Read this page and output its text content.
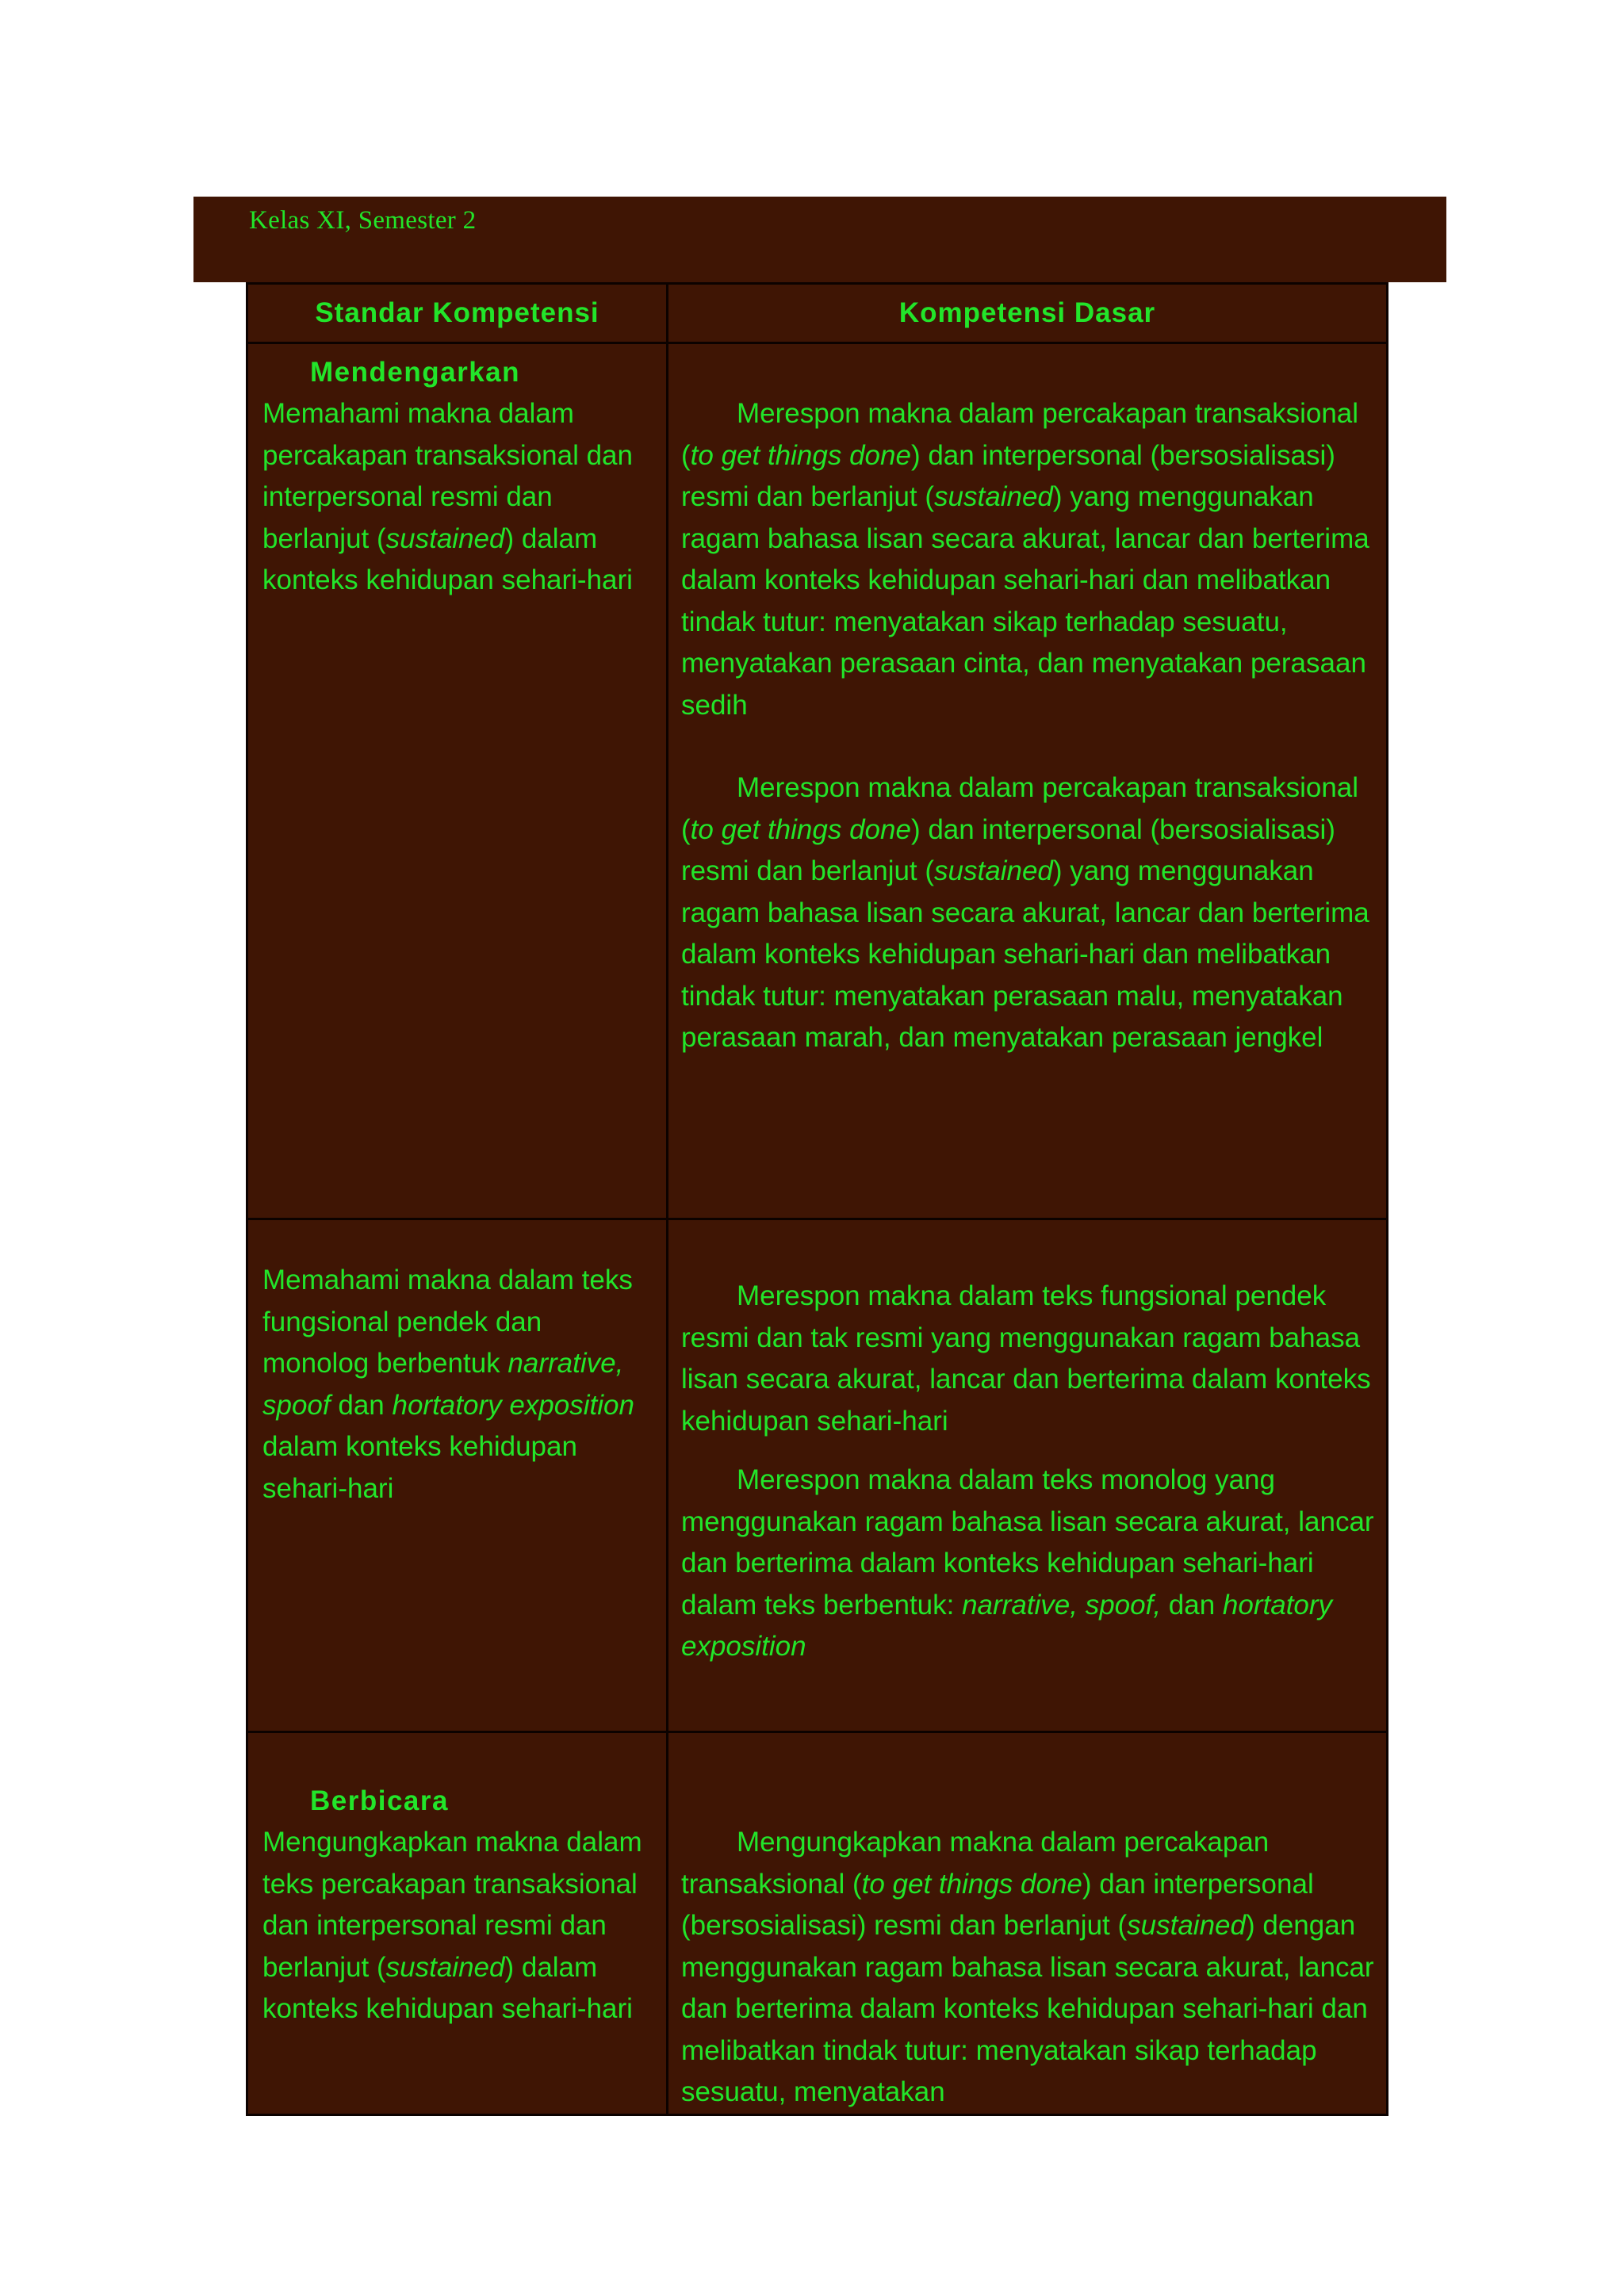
Kelas XI, Semester 2
Standar Kompetensi	Kompetensi Dasar

Mendengarkan
Memahami makna dalam percakapan transaksional dan interpersonal resmi dan berlanjut (sustained) dalam konteks kehidupan sehari-hari	Merespon makna dalam percakapan transaksional (to get things done) dan interpersonal (bersosialisasi) resmi dan berlanjut (sustained) yang menggunakan ragam bahasa lisan secara akurat, lancar dan berterima dalam konteks kehidupan sehari-hari dan melibatkan tindak tutur: menyatakan sikap terhadap sesuatu, menyatakan perasaan cinta, dan menyatakan perasaan sedih
Merespon makna dalam percakapan transaksional (to get things done) dan interpersonal (bersosialisasi) resmi dan berlanjut (sustained) yang menggunakan ragam bahasa lisan secara akurat, lancar dan berterima dalam konteks kehidupan sehari-hari dan melibatkan tindak tutur: menyatakan perasaan malu, menyatakan perasaan marah, dan menyatakan perasaan jengkel

Memahami makna dalam teks fungsional pendek dan monolog berbentuk narrative, spoof dan hortatory exposition dalam konteks kehidupan sehari-hari	Merespon makna dalam teks fungsional pendek resmi dan tak resmi yang menggunakan ragam bahasa lisan secara akurat, lancar dan berterima dalam konteks kehidupan sehari-hari
Merespon makna dalam teks monolog yang menggunakan ragam bahasa lisan secara akurat, lancar dan berterima dalam konteks kehidupan sehari-hari dalam teks berbentuk: narrative, spoof, dan hortatory exposition

Berbicara
Mengungkapkan makna dalam teks percakapan transaksional dan interpersonal resmi dan berlanjut (sustained) dalam konteks kehidupan sehari-hari	Mengungkapkan makna dalam percakapan transaksional (to get things done) dan interpersonal (bersosialisasi) resmi dan berlanjut (sustained) dengan menggunakan ragam bahasa lisan secara akurat, lancar dan berterima dalam konteks kehidupan sehari-hari dan melibatkan tindak tutur: menyatakan sikap terhadap sesuatu, menyatakan
